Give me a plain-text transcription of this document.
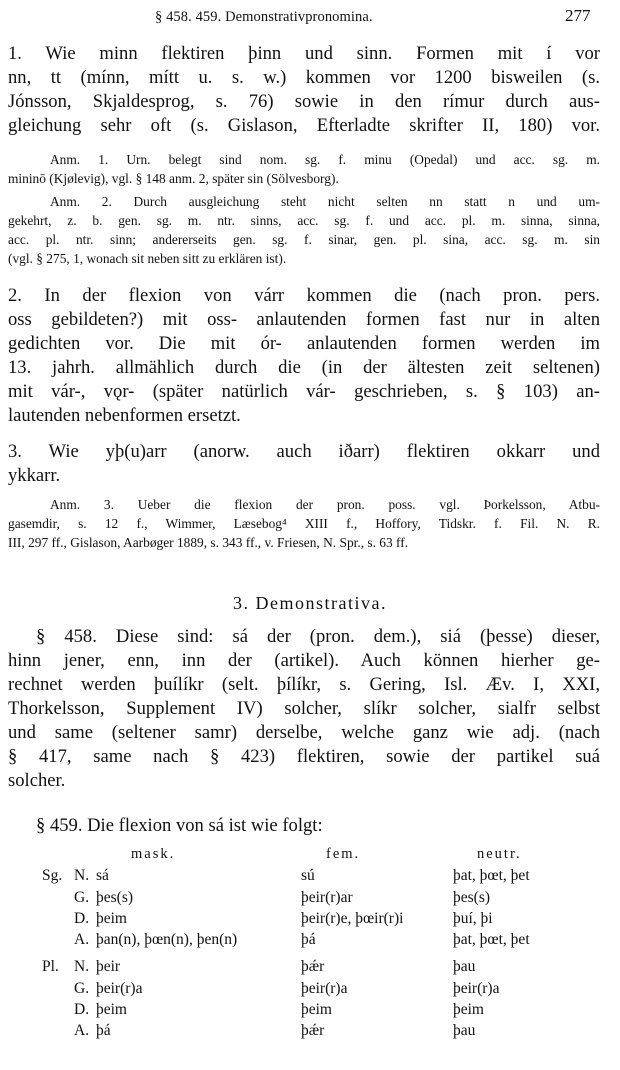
§ 458. 459. Demonstrativpronomina.	277
1. Wie minn flektiren þinn und sinn. Formen mit í vor
nn, tt (mínn, mítt u. s. w.) kommen vor 1200 bisweilen (s.
Jónsson, Skjaldesprog, s. 76) sowie in den rímur durch aus-
gleichung sehr oft (s. Gislason, Efterladte skrifter II, 180) vor.
Anm. 1. Urn. belegt sind nom. sg. f. minu (Opedal) und acc. sg. m.
mininō (Kjølevig), vgl. § 148 anm. 2, später sin (Sölvesborg).
Anm. 2. Durch ausgleichung steht nicht selten nn statt n und um-
gekehrt, z. b. gen. sg. m. ntr. sinns, acc. sg. f. und acc. pl. m. sinna, sinna,
acc. pl. ntr. sinn; andererseits gen. sg. f. sinar, gen. pl. sina, acc. sg. m. sin
(vgl. § 275, 1, wonach sit neben sitt zu erklären ist).
2. In der flexion von várr kommen die (nach pron. pers.
oss gebildeten?) mit oss- anlautenden formen fast nur in alten
gedichten vor. Die mit ór- anlautenden formen werden im
13. jahrh. allmählich durch die (in der ältesten zeit seltenen)
mit vár-, vǫr- (später natürlich vár- geschrieben, s. § 103) an-
lautenden nebenformen ersetzt.
3. Wie yþ(u)arr (anorw. auch iðarr) flektiren okkarr und
ykkarr.
Anm. 3. Ueber die flexion der pron. poss. vgl. Þorkelsson, Atbu-
gasemdir, s. 12 f., Wimmer, Læsebog⁴ XIII f., Hoffory, Tidskr. f. Fil. N. R.
III, 297 ff., Gislason, Aarbøger 1889, s. 343 ff., v. Friesen, N. Spr., s. 63 ff.
3. Demonstrativa.
§ 458. Diese sind: sá der (pron. dem.), siá (þesse) dieser,
hinn jener, enn, inn der (artikel). Auch können hierher ge-
rechnet werden þuílíkr (selt. þílíkr, s. Gering, Isl. Æv. I, XXI,
Thorkelsson, Supplement IV) solcher, slíkr solcher, sialfr selbst
und same (seltener samr) derselbe, welche ganz wie adj. (nach
§ 417, same nach § 423) flektiren, sowie der partikel suá
solcher.
§ 459. Die flexion von sá ist wie folgt:
mask.	fem.	neutr.
Sg. N. sá	sú	þat, þœt, þet
G. þes(s)	þeir(r)ar	þes(s)
D. þeim	þeir(r)e, þœir(r)i	þuí, þi
A. þan(n), þœn(n), þen(n)	þá	þat, þœt, þet
Pl. N. þeir	þǽr	þau
G. þeir(r)a	þeir(r)a	þeir(r)a
D. þeim	þeim	þeim
A. þá	þǽr	þau
